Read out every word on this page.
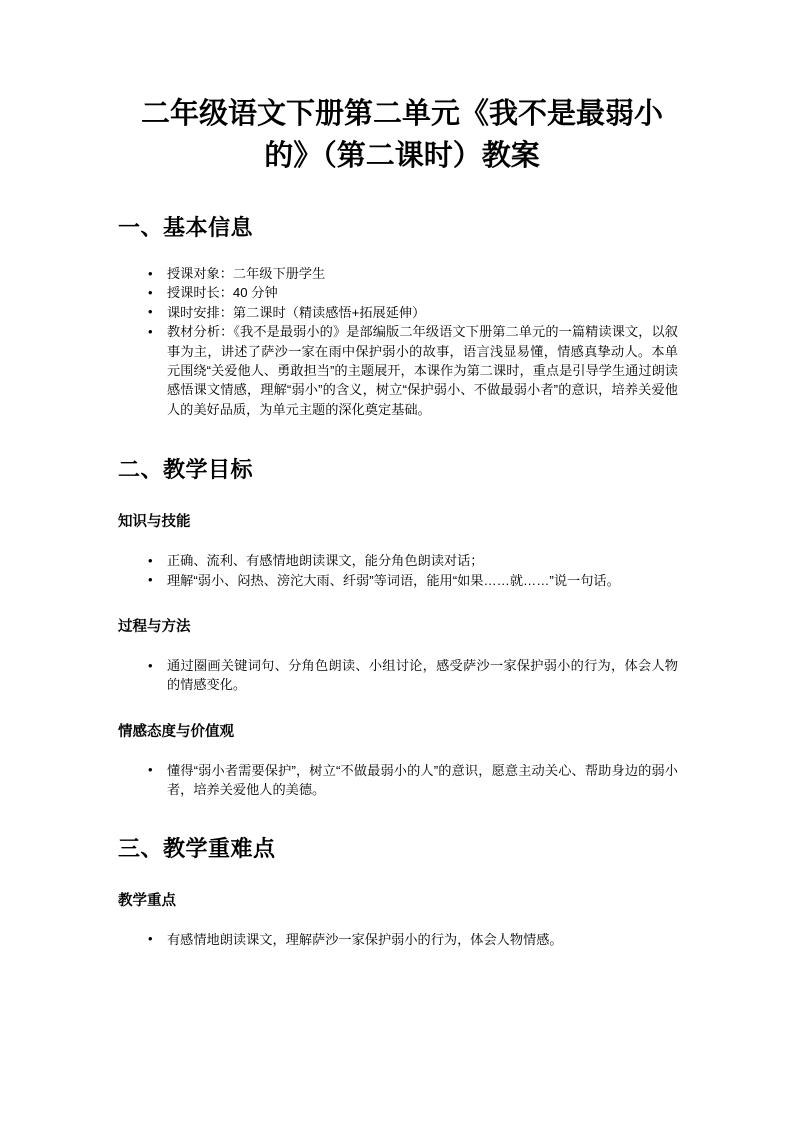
二年级语文下册第二单元《我不是最弱小的》（第二课时）教案
一、基本信息
• 授课对象：二年级下册学生
• 授课时长：40 分钟
• 课时安排：第二课时（精读感悟+拓展延伸）
• 教材分析：《我不是最弱小的》是部编版二年级语文下册第二单元的一篇精读课文，以叙事为主，讲述了萨沙一家在雨中保护弱小的故事，语言浅显易懂，情感真挚动人。本单元围绕“关爱他人、勇敢担当”的主题展开，本课作为第二课时，重点是引导学生通过朗读感悟课文情感，理解“弱小”的含义，树立“保护弱小、不做最弱小者”的意识，培养关爱他人的美好品质，为单元主题的深化奠定基础。
二、教学目标
知识与技能
• 正确、流利、有感情地朗读课文，能分角色朗读对话；
• 理解“弱小、闷热、滂沱大雨、纤弱”等词语，能用“如果……就……”说一句话。
过程与方法
• 通过圈画关键词句、分角色朗读、小组讨论，感受萨沙一家保护弱小的行为，体会人物的情感变化。
情感态度与价值观
• 懂得“弱小者需要保护”，树立“不做最弱小的人”的意识，愿意主动关心、帮助身边的弱小者，培养关爱他人的美德。
三、教学重难点
教学重点
• 有感情地朗读课文，理解萨沙一家保护弱小的行为，体会人物情感。
